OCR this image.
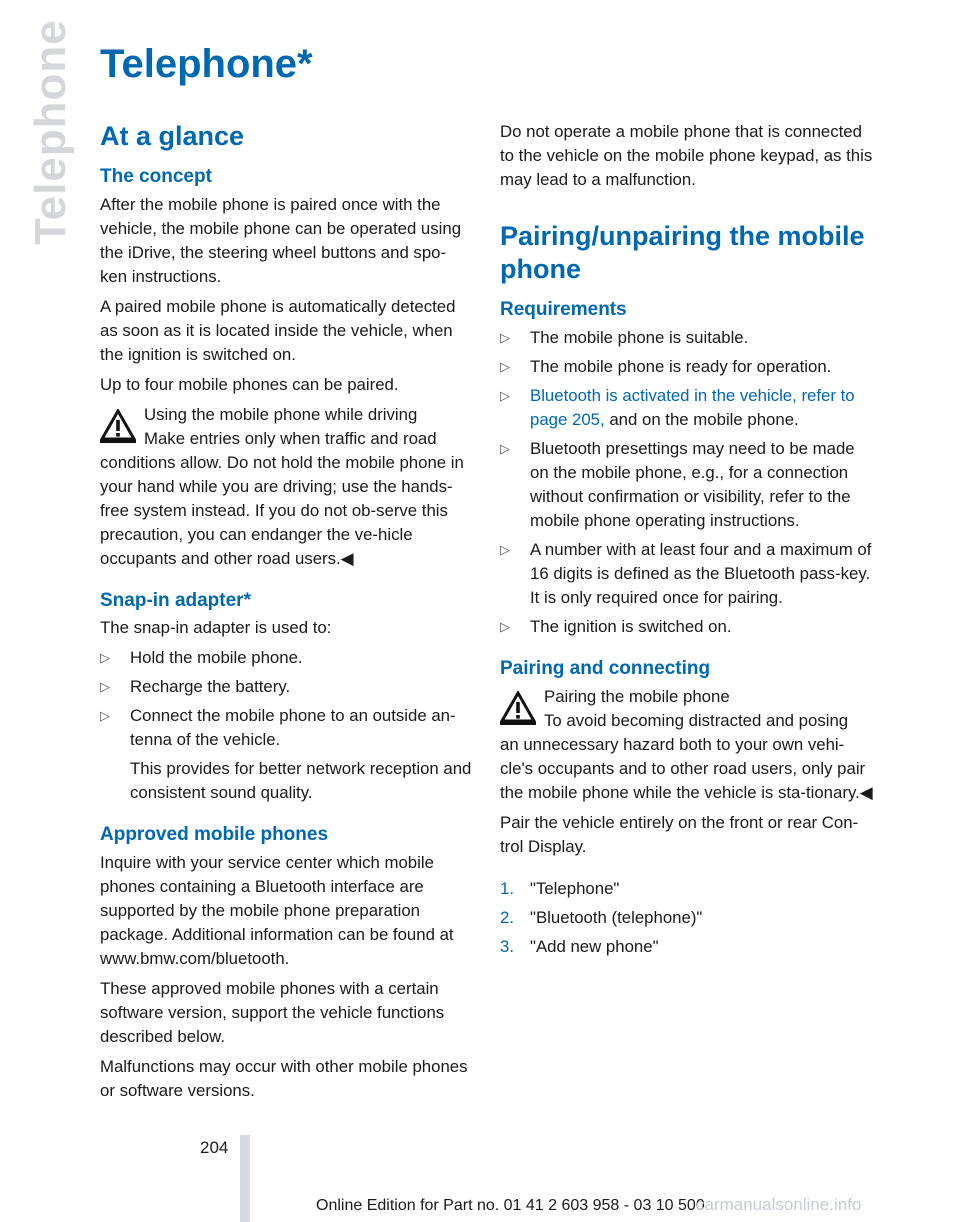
Telephone Telephone*
At a glance
The concept

After the mobile phone is paired once with the vehicle, the mobile phone can be operated using the iDrive, the steering wheel buttons and spo-ken instructions.

A paired mobile phone is automatically detected as soon as it is located inside the vehicle, when the ignition is switched on.

Up to four mobile phones can be paired.

Using the mobile phone while driving
Make entries only when traffic and road
conditions allow. Do not hold the mobile phone in your hand while you are driving; use the hands-free system instead. If you do not ob-serve this precaution, you can endanger the ve-hicle occupants and other road users.◀
Snap-in adapter*

The snap-in adapter is used to:

▷ Hold the mobile phone.
▷ Recharge the battery.
▷ Connect the mobile phone to an outside an-tenna of the vehicle.
This provides for better network reception and consistent sound quality.
Approved mobile phones

Inquire with your service center which mobile phones containing a Bluetooth interface are supported by the mobile phone preparation package. Additional information can be found at www.bmw.com/bluetooth.

These approved mobile phones with a certain software version, support the vehicle functions described below.

Malfunctions may occur with other mobile phones or software versions.

Do not operate a mobile phone that is connected to the vehicle on the mobile phone keypad, as this may lead to a malfunction.

Pairing/unpairing the mobile phone
Requirements
▷ The mobile phone is suitable.
▷ The mobile phone is ready for operation.
▷ Bluetooth is activated in the vehicle, refer to page 205, and on the mobile phone.
▷ Bluetooth presettings may need to be made on the mobile phone, e.g., for a connection without confirmation or visibility, refer to the mobile phone operating instructions.
▷ A number with at least four and a maximum of 16 digits is defined as the Bluetooth pass-key. It is only required once for pairing.
▷ The ignition is switched on.
Pairing and connecting
Pairing the mobile phone
To avoid becoming distracted and posing
an unnecessary hazard both to your own vehi-cle's occupants and to other road users, only pair the mobile phone while the vehicle is sta-tionary.◀

Pair the vehicle entirely on the front or rear Con-trol Display.

1. "Telephone"
2. "Bluetooth (telephone)"
3. "Add new phone"
204
Online Edition for Part no. 01 41 2 603 958 - 03 10 500
carmanualsonline.info
